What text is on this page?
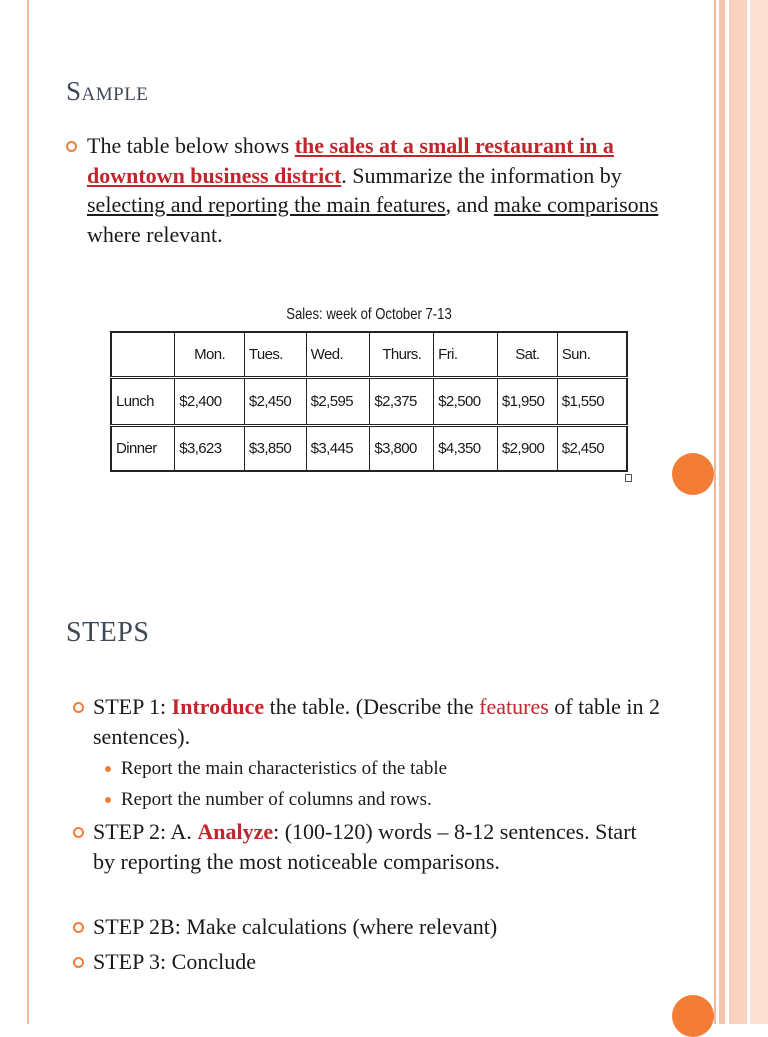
Sample
The table below shows the sales at a small restaurant in a downtown business district. Summarize the information by selecting and reporting the main features, and make comparisons where relevant.
Sales: week of October 7-13
	Mon.	Tues.	Wed.	Thurs.	Fri.	Sat.	Sun.
Lunch	$2,400	$2,450	$2,595	$2,375	$2,500	$1,950	$1,550
Dinner	$3,623	$3,850	$3,445	$3,800	$4,350	$2,900	$2,450
STEPS
STEP 1: Introduce the table. (Describe the features of table in 2 sentences).
Report the main characteristics of the table
Report the number of columns and rows.
STEP 2: A. Analyze: (100-120) words – 8-12 sentences. Start by reporting the most noticeable comparisons.
STEP 2B: Make calculations (where relevant)
STEP 3: Conclude
